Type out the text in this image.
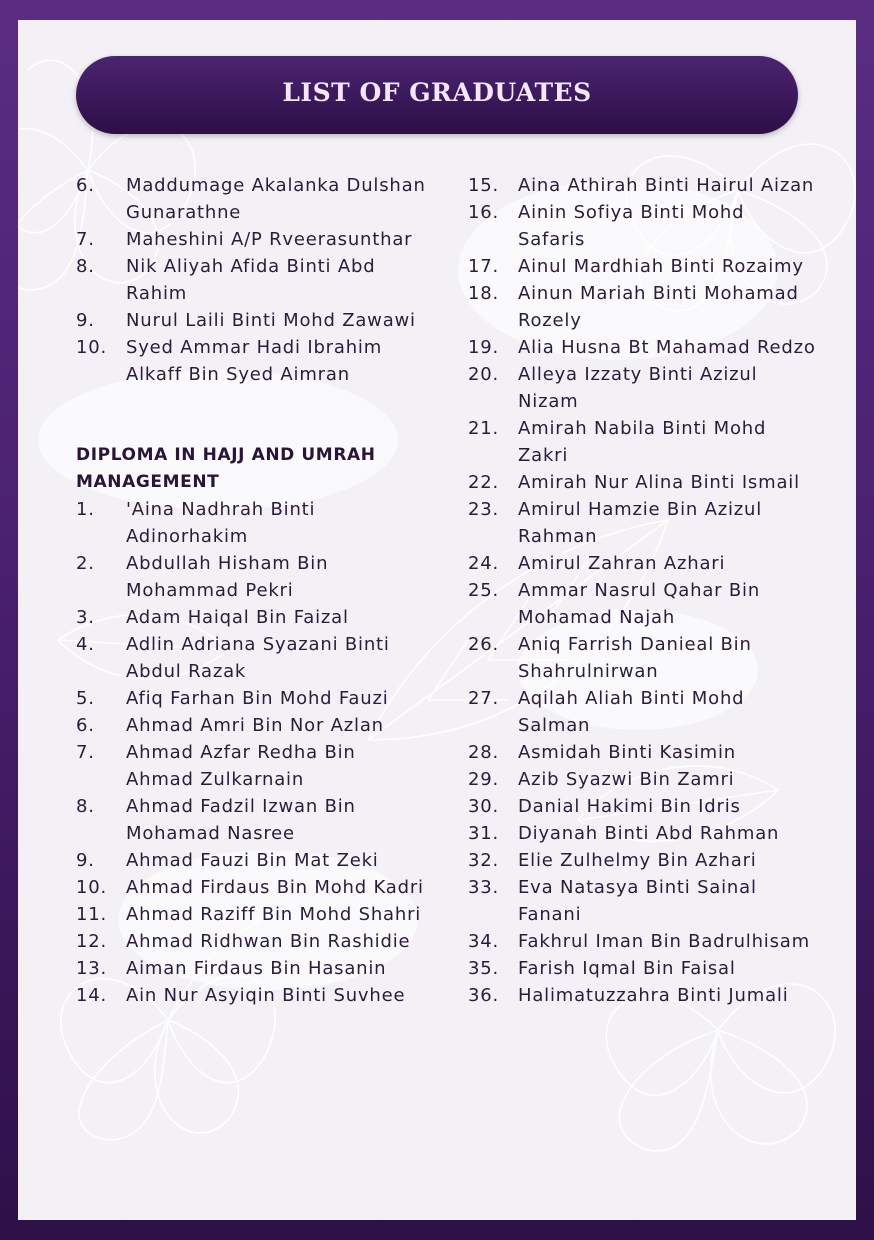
LIST OF GRADUATES
6.	Maddumage Akalanka Dulshan Gunarathne
7.	Maheshini A/P Rveerasunthar
8.	Nik Aliyah Afida Binti Abd Rahim
9.	Nurul Laili Binti Mohd Zawawi
10.	Syed Ammar Hadi Ibrahim Alkaff Bin Syed Aimran
DIPLOMA IN HAJJ AND UMRAH MANAGEMENT
1.	'Aina Nadhrah Binti Adinorhakim
2.	Abdullah Hisham Bin Mohammad Pekri
3.	Adam Haiqal Bin Faizal
4.	Adlin Adriana Syazani Binti Abdul Razak
5.	Afiq Farhan Bin Mohd Fauzi
6.	Ahmad Amri Bin Nor Azlan
7.	Ahmad Azfar Redha Bin Ahmad Zulkarnain
8.	Ahmad Fadzil Izwan Bin Mohamad Nasree
9.	Ahmad Fauzi Bin Mat Zeki
10.	Ahmad Firdaus Bin Mohd Kadri
11.	Ahmad Raziff Bin Mohd Shahri
12.	Ahmad Ridhwan Bin Rashidie
13.	Aiman Firdaus Bin Hasanin
14.	Ain Nur Asyiqin Binti Suvhee
15.	Aina Athirah Binti Hairul Aizan
16.	Ainin Sofiya Binti Mohd Safaris
17.	Ainul Mardhiah Binti Rozaimy
18.	Ainun Mariah Binti Mohamad Rozely
19.	Alia Husna Bt Mahamad Redzo
20.	Alleya Izzaty Binti Azizul Nizam
21.	Amirah Nabila Binti Mohd Zakri
22.	Amirah Nur Alina Binti Ismail
23.	Amirul Hamzie Bin Azizul Rahman
24.	Amirul Zahran Azhari
25.	Ammar Nasrul Qahar Bin Mohamad Najah
26.	Aniq Farrish Danieal Bin Shahrulnirwan
27.	Aqilah Aliah Binti Mohd Salman
28.	Asmidah Binti Kasimin
29.	Azib Syazwi Bin Zamri
30.	Danial Hakimi Bin Idris
31.	Diyanah Binti Abd Rahman
32.	Elie Zulhelmy Bin Azhari
33.	Eva Natasya Binti Sainal Fanani
34.	Fakhrul Iman Bin Badrulhisam
35.	Farish Iqmal Bin Faisal
36.	Halimatuzzahra Binti Jumali
